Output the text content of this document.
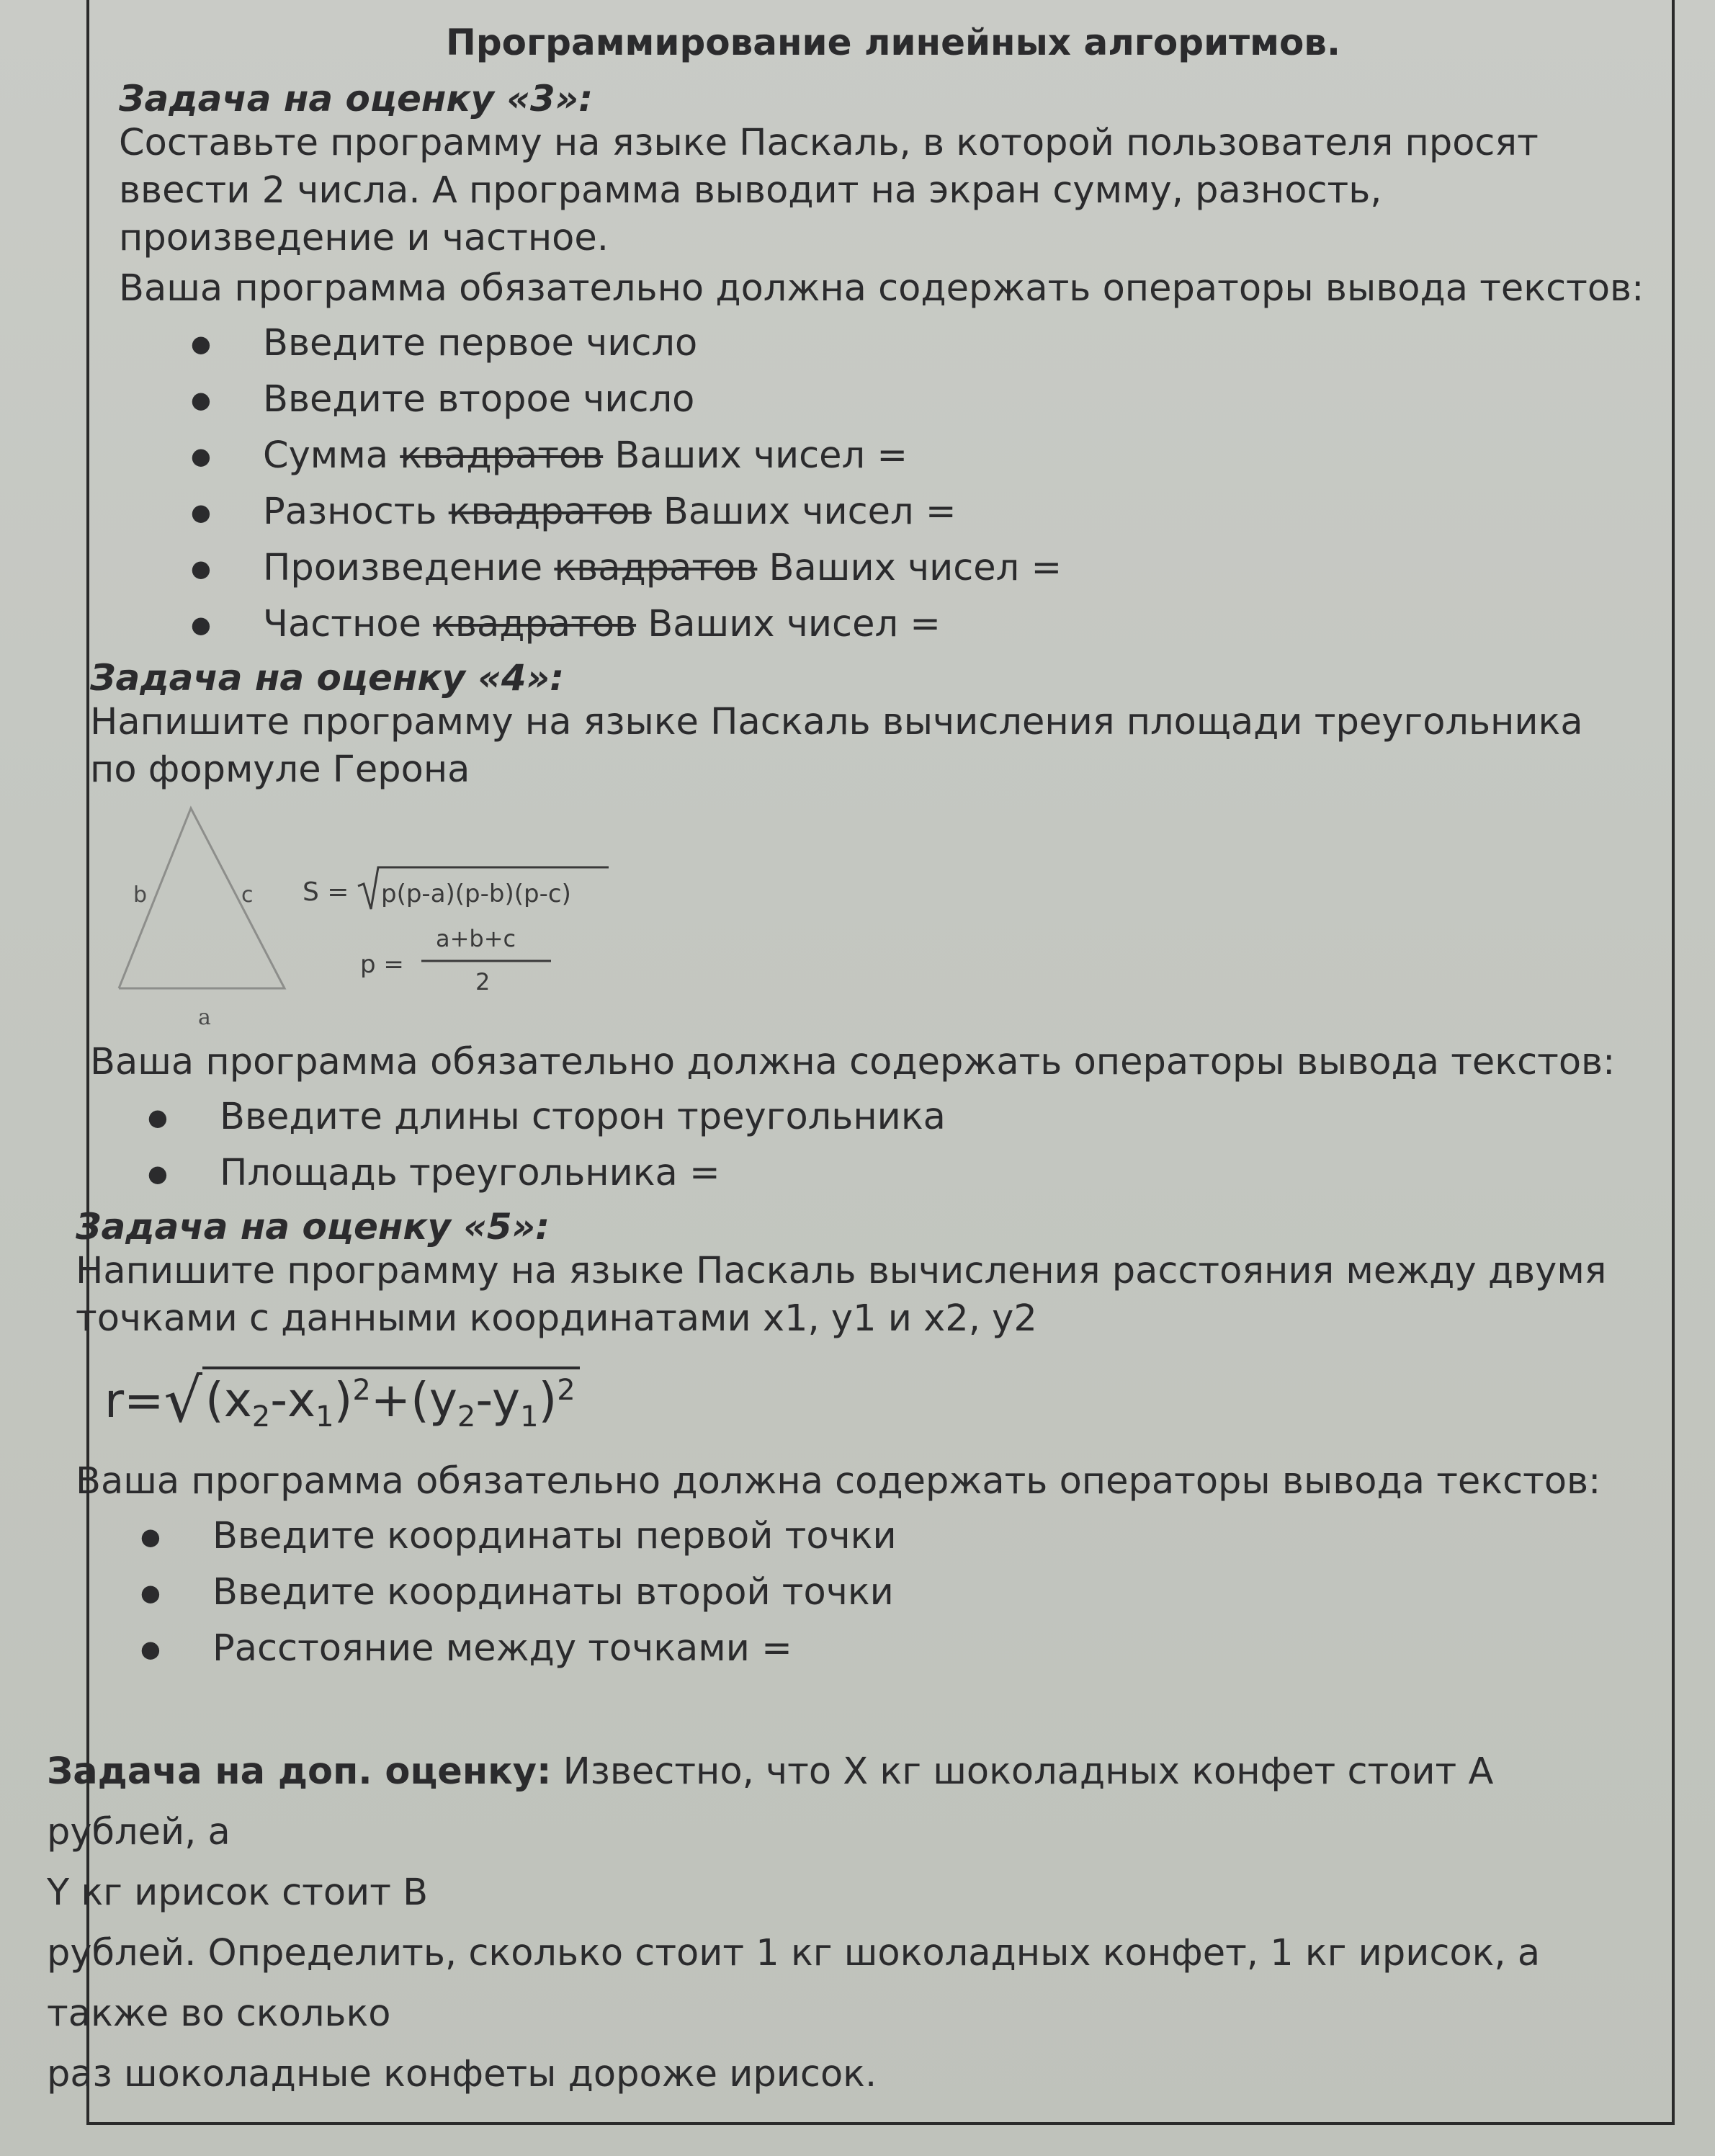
Программирование линейных алгоритмов.
Задача на оценку «3»:

Составьте программу на языке Паскаль, в которой пользователя просят ввести 2 числа. А программа выводит на экран сумму, разность, произведение и частное.

Ваша программа обязательно должна содержать операторы вывода текстов:

● Введите первое число
● Введите вторoе число
● Сумма квадратов Ваших чисел =
● Разность квадратов Ваших чисел =
● Произведение квадратов Ваших чисел =
● Частное квадратов Ваших чисел =
Задача на оценку «4»:

Напишите программу на языке Паскаль вычисления площади треугольника по формуле Герона

b	c
a
S = p(p-a)(p-b)(p-c)
p =
a+b+c
2

Ваша программа обязательно должна содержать операторы вывода текстов:

● Введите длины сторон треугольника
● Площадь треугольника =
Задача на оценку «5»:

Напишите программу на языке Паскаль вычисления расстояния между двумя точками с данными координатами x1, y1 и x2, y2

r= √ $(x_2-x_1)^2+(y_2-y_1)^2$

Ваша программа обязательно должна содержать операторы вывода текстов:

● Введите координаты первой точки
● Введите координаты второй точки
● Расстояние между точками =
Задача на доп. оценку: Известно, что X кг шоколадных конфет стоит A рублей, а
Y кг ирисок стоит B
рублей. Определить, сколько стоит 1 кг шоколадных конфет, 1 кг ирисок, а
также во сколько
раз шоколадные конфеты дороже ирисок.
